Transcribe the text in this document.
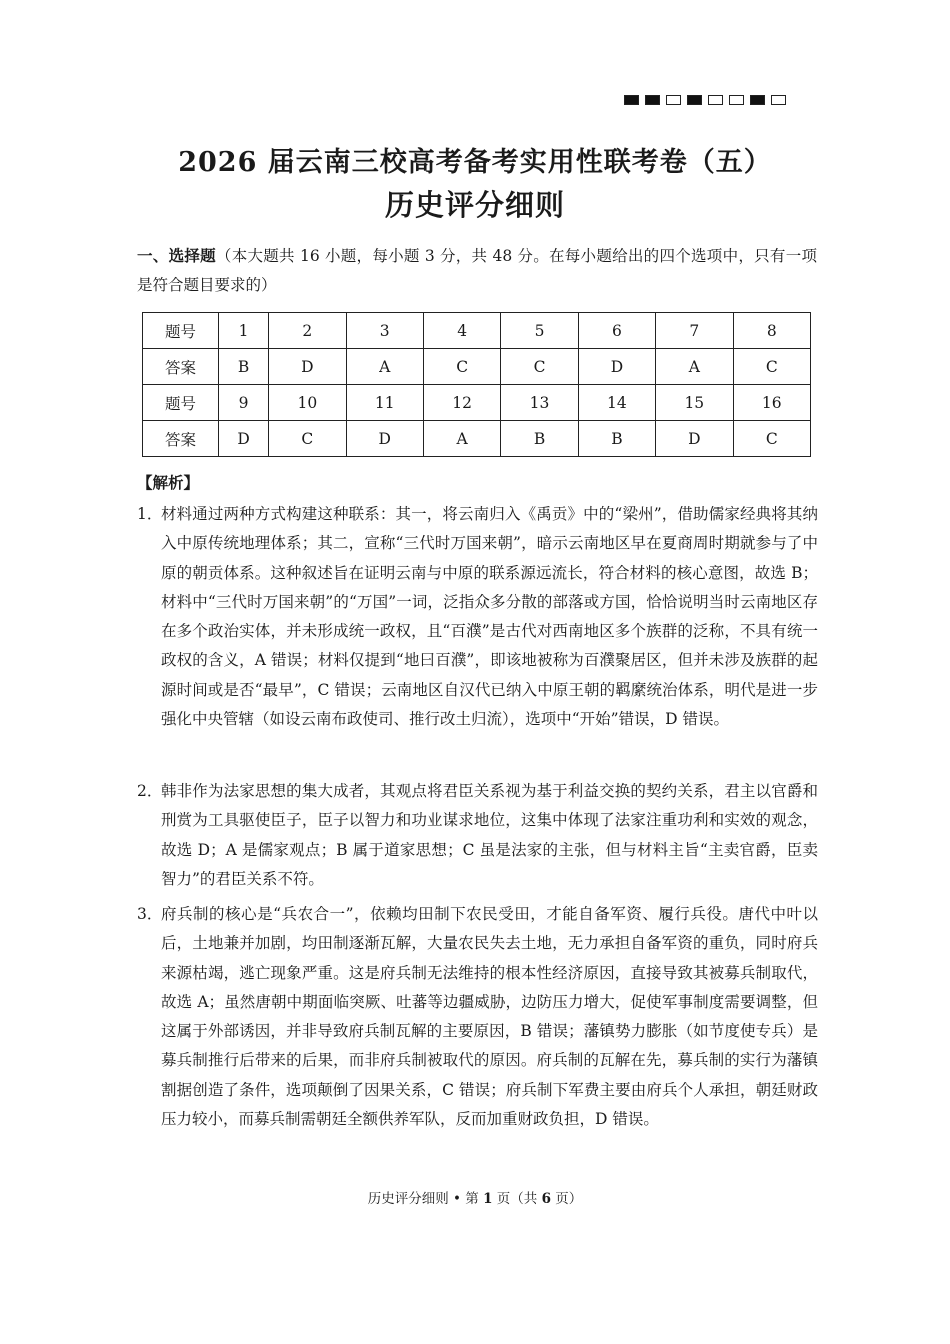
2026 届云南三校高考备考实用性联考卷（五）
历史评分细则
一、选择题（本大题共 16 小题，每小题 3 分，共 48 分。在每小题给出的四个选项中，只有一项是符合题目要求的）
题号	1	2	3	4	5	6	7	8
答案	B	D	A	C	C	D	A	C
题号	9	10	11	12	13	14	15	16
答案	D	C	D	A	B	B	D	C
【解析】
1．
材料通过两种方式构建这种联系：其一，将云南归入《禹贡》中的“梁州”，借助儒家经典将其纳入中原传统地理体系；其二，宣称“三代时万国来朝”，暗示云南地区早在夏商周时期就参与了中原的朝贡体系。这种叙述旨在证明云南与中原的联系源远流长，符合材料的核心意图，故选 B；材料中“三代时万国来朝”的“万国”一词，泛指众多分散的部落或方国，恰恰说明当时云南地区存在多个政治实体，并未形成统一政权，且“百濮”是古代对西南地区多个族群的泛称，不具有统一政权的含义，A 错误；材料仅提到“地曰百濮”，即该地被称为百濮聚居区，但并未涉及族群的起源时间或是否“最早”，C 错误；云南地区自汉代已纳入中原王朝的羁縻统治体系，明代是进一步强化中央管辖（如设云南布政使司、推行改土归流），选项中“开始”错误，D 错误。
2．
韩非作为法家思想的集大成者，其观点将君臣关系视为基于利益交换的契约关系，君主以官爵和刑赏为工具驱使臣子，臣子以智力和功业谋求地位，这集中体现了法家注重功利和实效的观念，故选 D；A 是儒家观点；B 属于道家思想；C 虽是法家的主张，但与材料主旨“主卖官爵，臣卖智力”的君臣关系不符。
3．
府兵制的核心是“兵农合一”，依赖均田制下农民受田，才能自备军资、履行兵役。唐代中叶以后，土地兼并加剧，均田制逐渐瓦解，大量农民失去土地，无力承担自备军资的重负，同时府兵来源枯竭，逃亡现象严重。这是府兵制无法维持的根本性经济原因，直接导致其被募兵制取代，故选 A；虽然唐朝中期面临突厥、吐蕃等边疆威胁，边防压力增大，促使军事制度需要调整，但这属于外部诱因，并非导致府兵制瓦解的主要原因，B 错误；藩镇势力膨胀（如节度使专兵）是募兵制推行后带来的后果，而非府兵制被取代的原因。府兵制的瓦解在先，募兵制的实行为藩镇割据创造了条件，选项颠倒了因果关系，C 错误；府兵制下军费主要由府兵个人承担，朝廷财政压力较小，而募兵制需朝廷全额供养军队，反而加重财政负担，D 错误。
历史评分细则 • 第 1 页（共 6 页）
